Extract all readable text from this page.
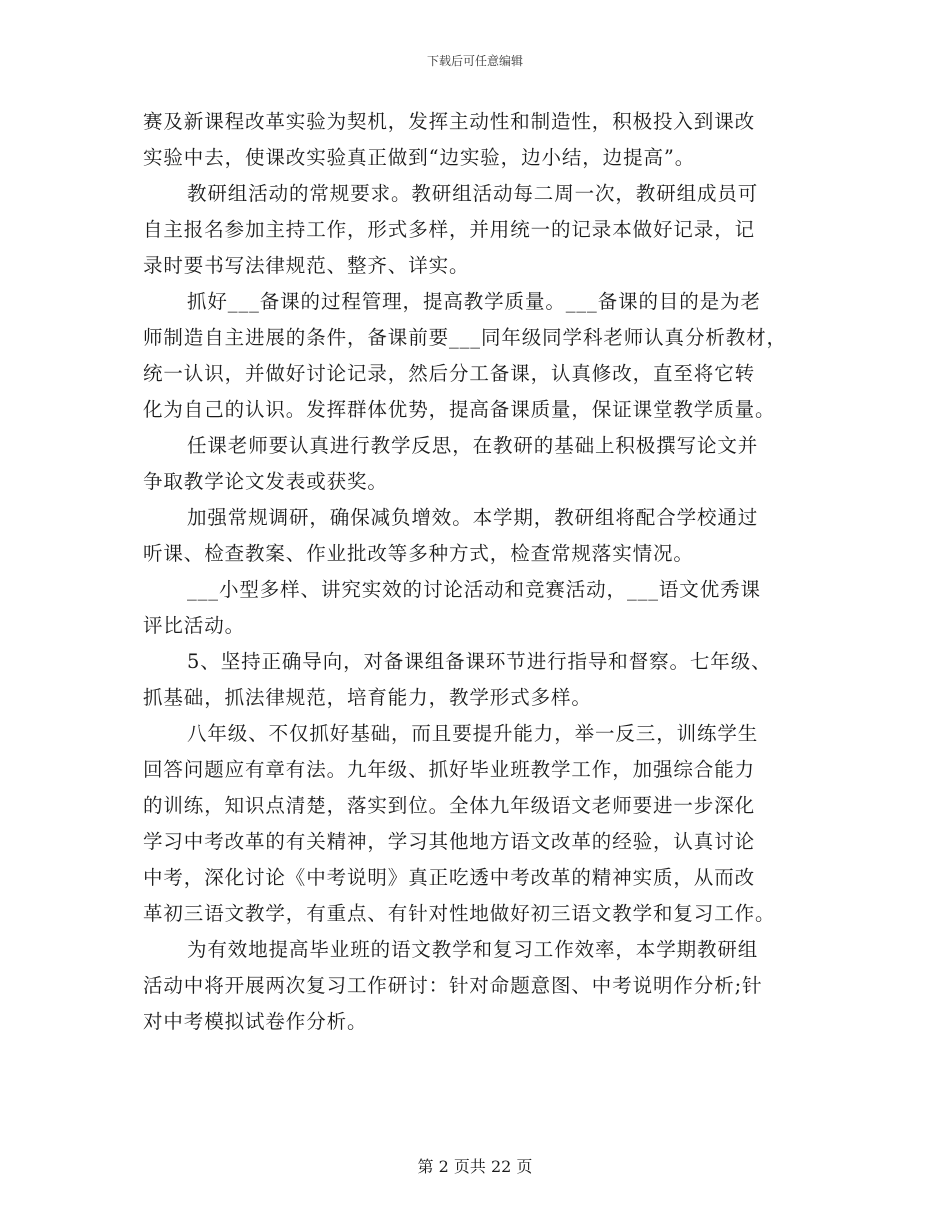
下载后可任意编辑

赛及新课程改革实验为契机，发挥主动性和制造性，积极投入到课改
实验中去，使课改实验真正做到“边实验，边小结，边提高”。

教研组活动的常规要求。教研组活动每二周一次，教研组成员可
自主报名参加主持工作，形式多样，并用统一的记录本做好记录，记
录时要书写法律规范、整齐、详实。

抓好___备课的过程管理，提高教学质量。___备课的目的是为老
师制造自主进展的条件，备课前要___同年级同学科老师认真分析教材，
统一认识，并做好讨论记录，然后分工备课，认真修改，直至将它转
化为自己的认识。发挥群体优势，提高备课质量，保证课堂教学质量。

任课老师要认真进行教学反思，在教研的基础上积极撰写论文并
争取教学论文发表或获奖。

加强常规调研，确保减负增效。本学期，教研组将配合学校通过
听课、检查教案、作业批改等多种方式，检查常规落实情况。

___小型多样、讲究实效的讨论活动和竞赛活动，___语文优秀课
评比活动。

5、坚持正确导向，对备课组备课环节进行指导和督察。七年级、
抓基础，抓法律规范，培育能力，教学形式多样。

八年级、不仅抓好基础，而且要提升能力，举一反三，训练学生
回答问题应有章有法。九年级、抓好毕业班教学工作，加强综合能力
的训练，知识点清楚，落实到位。全体九年级语文老师要进一步深化
学习中考改革的有关精神，学习其他地方语文改革的经验，认真讨论
中考，深化讨论《中考说明》真正吃透中考改革的精神实质，从而改
革初三语文教学，有重点、有针对性地做好初三语文教学和复习工作。

为有效地提高毕业班的语文教学和复习工作效率，本学期教研组
活动中将开展两次复习工作研讨：针对命题意图、中考说明作分析;针
对中考模拟试卷作分析。

第 2 页共 22 页
